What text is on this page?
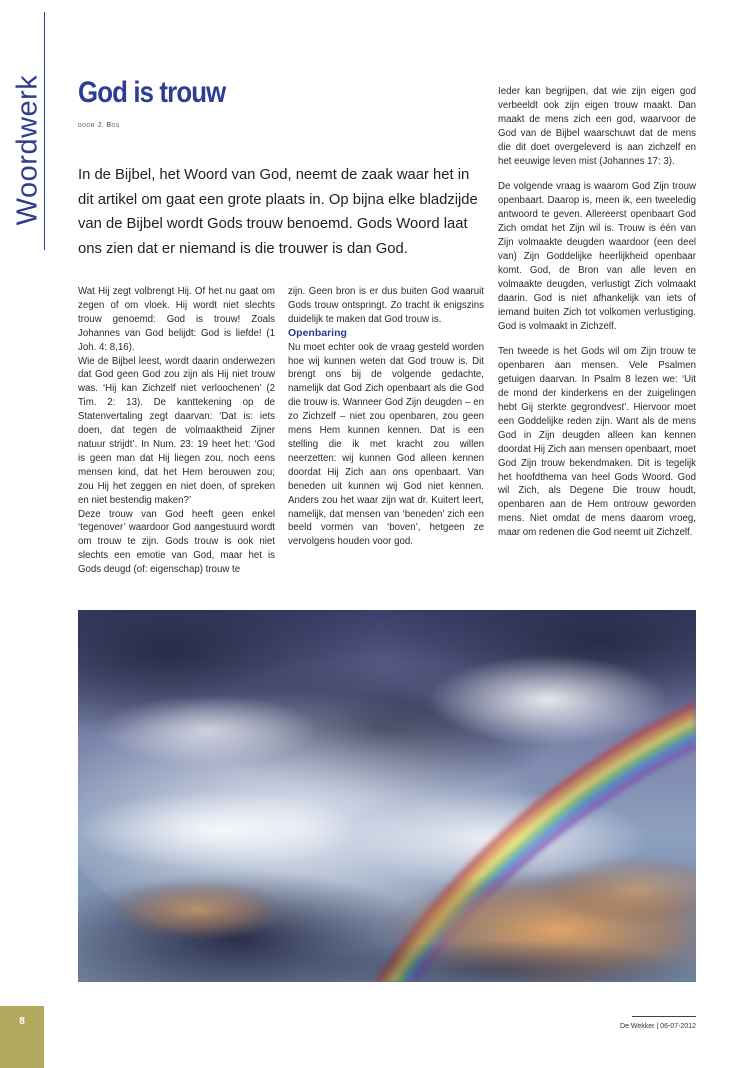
Woordwerk God is trouw
door J. Bos

In de Bijbel, het Woord van God, neemt de zaak waar het in dit artikel om gaat een grote plaats in. Op bijna elke bladzijde van de Bijbel wordt Gods trouw benoemd. Gods Woord laat ons zien dat er niemand is die trouwer is dan God.

Wat Hij zegt volbrengt Hij. Of het nu gaat om zegen of om vloek. Hij wordt niet slechts trouw genoemd: God is trouw! Zoals Johannes van God belijdt: God is liefde! (1 Joh. 4: 8,16).

Wie de Bijbel leest, wordt daarin onderwezen dat God geen God zou zijn als Hij niet trouw was. ‘Hij kan Zichzelf niet verloochenen’ (2 Tim. 2: 13). De kanttekening op de Statenvertaling zegt daarvan: ‘Dat is: iets doen, dat tegen de volmaaktheid Zijner natuur strijdt’. In Num. 23: 19 heet het: ‘God is geen man dat Hij liegen zou, noch eens mensen kind, dat het Hem berouwen zou; zou Hij het zeggen en niet doen, of spreken en niet bestendig maken?’

Deze trouw van God heeft geen enkel ‘tegenover’ waardoor God aangestuurd wordt om trouw te zijn. Gods trouw is ook niet slechts een emotie van God, maar het is Gods deugd (of: eigenschap) trouw te

zijn. Geen bron is er dus buiten God waaruit Gods trouw ontspringt. Zo tracht ik enigszins duidelijk te maken dat God trouw is.

Openbaring

Nu moet echter ook de vraag gesteld worden hoe wij kunnen weten dat God trouw is. Dit brengt ons bij de volgende gedachte, namelijk dat God Zich openbaart als die God die trouw is. Wanneer God Zijn deugden – en zo Zichzelf – niet zou openbaren, zou geen mens Hem kunnen kennen. Dat is een stelling die ik met kracht zou willen neerzetten: wij kunnen God alleen kennen doordat Hij Zich aan ons openbaart. Van beneden uit kunnen wij God niet kennen. Anders zou het waar zijn wat dr. Kuitert leert, namelijk, dat mensen van ‘beneden’ zich een beeld vormen van ‘boven’, hetgeen ze vervolgens houden voor god.

Ieder kan begrijpen, dat wie zijn eigen god verbeeldt ook zijn eigen trouw maakt. Dan maakt de mens zich een god, waarvoor de God van de Bijbel waarschuwt dat de mens die dit doet overgeleverd is aan zichzelf en het eeuwige leven mist (Johannes 17: 3).

De volgende vraag is waarom God Zijn trouw openbaart. Daarop is, meen ik, een tweeledig antwoord te geven. Allereerst openbaart God Zich omdat het Zijn wil is. Trouw is één van Zijn volmaakte deugden waardoor (een deel van) Zijn Goddelijke heerlijkheid openbaar komt. God, de Bron van alle leven en volmaakte deugden, verlustigt Zich volmaakt daarin. God is niet afhankelijk van iets of iemand buiten Zich tot volkomen verlustiging. God is volmaakt in Zichzelf.

Ten tweede is het Gods wil om Zijn trouw te openbaren aan mensen. Vele Psalmen getuigen daarvan. In Psalm 8 lezen we: ‘Uit de mond der kinderkens en der zuigelingen hebt Gij sterkte gegrondvest’. Hiervoor moet een Goddelijke reden zijn. Want als de mens God in Zijn deugden alleen kan kennen doordat Hij Zich aan mensen openbaart, moet God Zijn trouw bekendmaken. Dit is tegelijk het hoofdthema van heel Gods Woord. God wil Zich, als Degene Die trouw houdt, openbaren aan de Hem ontrouw geworden mens. Niet omdat de mens daarom vroeg, maar om redenen die God neemt uit Zichzelf.

8	De Wekker | 06-07-2012
